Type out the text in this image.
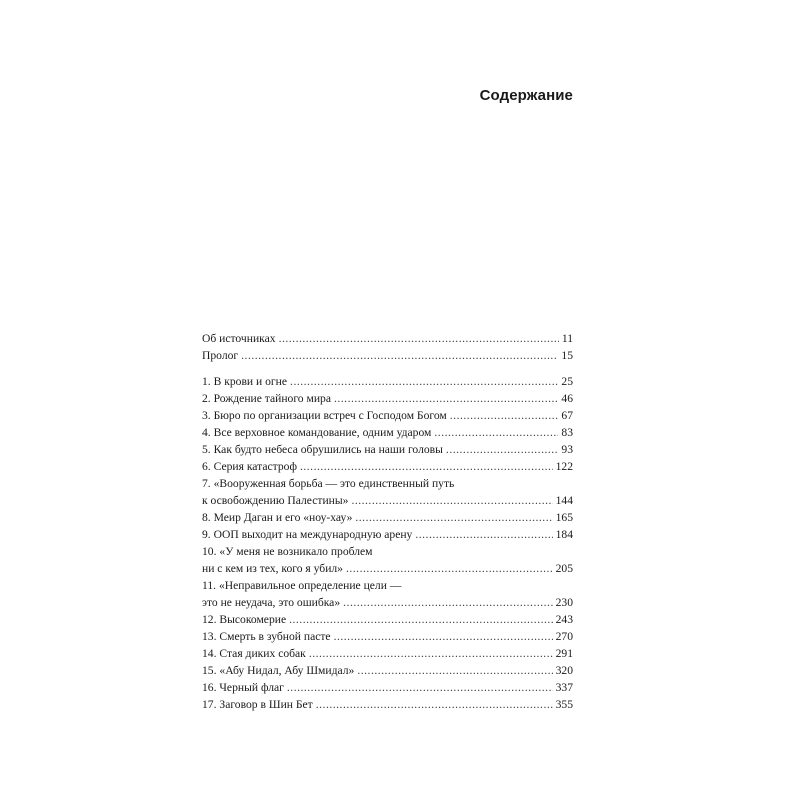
Содержание
Об источниках .....	11
Пролог .....	15
1. В крови и огне .....	25
2. Рождение тайного мира .....	46
3. Бюро по организации встреч с Господом Богом .....	67
4. Все верховное командование, одним ударом .....	83
5. Как будто небеса обрушились на наши головы .....	93
6. Серия катастроф .....	122
7. «Вооруженная борьба — это единственный путь
к освобождению Палестины» .....	144
8. Меир Даган и его «ноу-хау» .....	165
9. ООП выходит на международную арену .....	184
10. «У меня не возникало проблем
ни с кем из тех, кого я убил» .....	205
11. «Неправильное определение цели —
это не неудача, это ошибка» .....	230
12. Высокомерие .....	243
13. Смерть в зубной пасте .....	270
14. Стая диких собак .....	291
15. «Абу Нидал, Абу Шмидал» .....	320
16. Черный флаг .....	337
17. Заговор в Шин Бет .....	355
